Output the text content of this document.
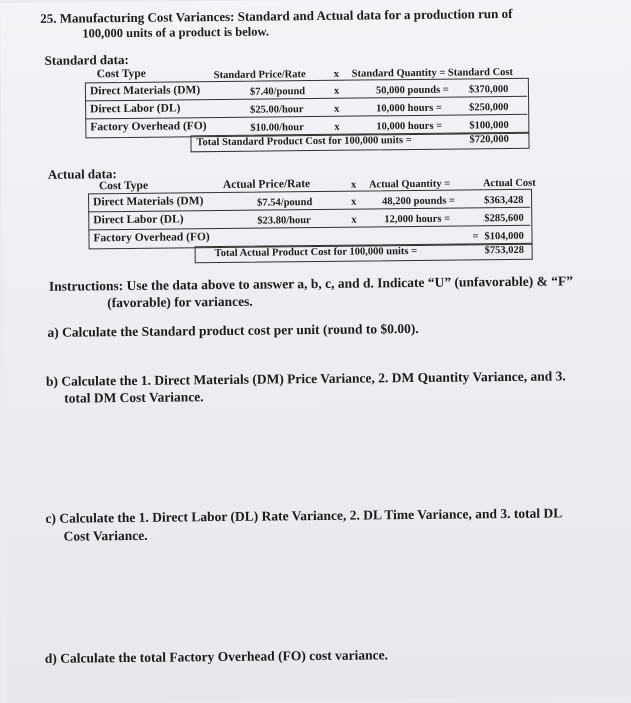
25. Manufacturing Cost Variances: Standard and Actual data for a production run of
100,000 units of a product is below.
Standard data:
Cost Type	Standard Price/Rate	x Standard Quantity = Standard Cost
Direct Materials (DM)	$7.40/pound	x	50,000 pounds = $370,000
Direct Labor (DL)	$25.00/hour	x	10,000 hours =	$250,000
Factory Overhead (FO)	$10.00/hour	x	10,000 hours =	$100,000
Total Standard Product Cost for 100,000 units =	$720,000
Actual data:
Cost Type	Actual Price/Rate	x Actual Quantity =	Actual Cost
Direct Materials (DM)	$7.54/pound	x 48,200 pounds =	$363,428
Direct Labor (DL)	$23.80/hour	x	12,000 hours =	$285,600
Factory Overhead (FO)	= $104,000
Total Actual Product Cost for 100,000 units =	$753,028
Instructions: Use the data above to answer a, b, c, and d. Indicate “U” (unfavorable) & “F”
(favorable) for variances.
a) Calculate the Standard product cost per unit (round to $0.00).
b) Calculate the 1. Direct Materials (DM) Price Variance, 2. DM Quantity Variance, and 3.
total DM Cost Variance.
c) Calculate the 1. Direct Labor (DL) Rate Variance, 2. DL Time Variance, and 3. total DL
Cost Variance.
d) Calculate the total Factory Overhead (FO) cost variance.
